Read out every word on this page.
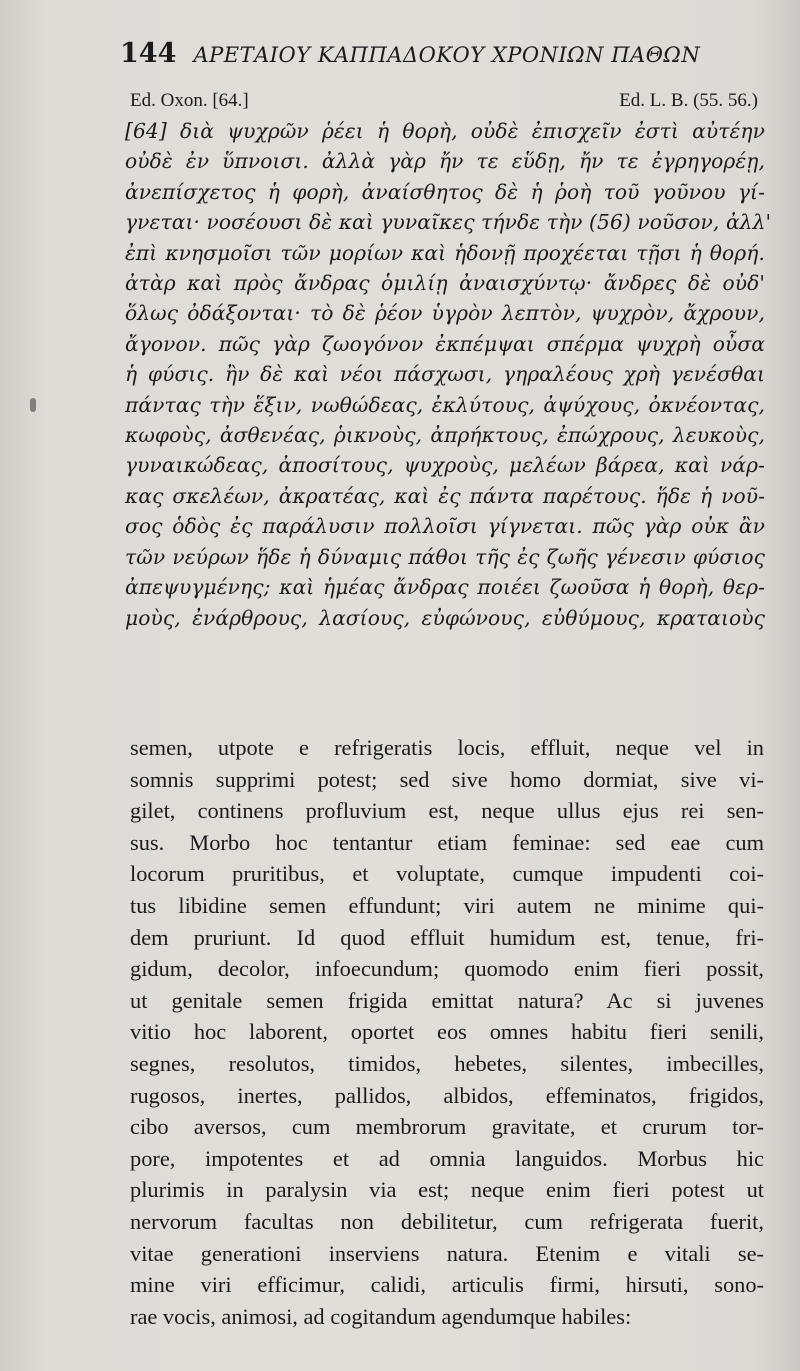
144 ΑΡΕΤΑΙΟΥ ΚΑΠΠΑΔΟΚΟΥ ΧΡΟΝΙΩΝ ΠΑΘΩΝ
Ed. Oxon. [64.]	Ed. L. B. (55. 56.)
[64] διὰ ψυχρῶν ῥέει ἡ θορὴ, οὐδὲ ἐπισχεῖν ἐστὶ αὐτέην
οὐδὲ ἐν ὕπνοισι. ἀλλὰ γὰρ ἤν τε εὕδῃ, ἤν τε ἐγρηγορέῃ,
ἀνεπίσχετος ἡ φορὴ, ἀναίσθητος δὲ ἡ ῥοὴ τοῦ γοῦνου γί-
γνεται· νοσέουσι δὲ καὶ γυναῖκες τήνδε τὴν (56) νοῦσον, ἀλλ'
ἐπὶ κνησμοῖσι τῶν μορίων καὶ ἡδονῇ προχέεται τῇσι ἡ θορή.
ἀτὰρ καὶ πρὸς ἄνδρας ὁμιλίῃ ἀναισχύντῳ· ἄνδρες δὲ οὐδ'
ὅλως ὀδάξονται· τὸ δὲ ῥέον ὑγρὸν λεπτὸν, ψυχρὸν, ἄχρουν,
ἄγονον. πῶς γὰρ ζωογόνον ἐκπέμψαι σπέρμα ψυχρὴ οὖσα
ἡ φύσις. ἢν δὲ καὶ νέοι πάσχωσι, γηραλέους χρὴ γενέσθαι
πάντας τὴν ἕξιν, νωθώδεας, ἐκλύτους, ἀψύχους, ὀκνέοντας,
κωφοὺς, ἀσθενέας, ῥικνοὺς, ἀπρήκτους, ἐπώχρους, λευκοὺς,
γυναικώδεας, ἀποσίτους, ψυχροὺς, μελέων βάρεα, καὶ νάρ-
κας σκελέων, ἀκρατέας, καὶ ἐς πάντα παρέτους. ἥδε ἡ νοῦ-
σος ὁδὸς ἐς παράλυσιν πολλοῖσι γίγνεται. πῶς γὰρ οὐκ ἂν
τῶν νεύρων ἥδε ἡ δύναμις πάθοι τῆς ἐς ζωῆς γένεσιν φύσιος
ἀπεψυγμένης; καὶ ἡμέας ἄνδρας ποιέει ζωοῦσα ἡ θορὴ, θερ-
μοὺς, ἐνάρθρους, λασίους, εὐφώνους, εὐθύμους, κραταιοὺς
semen, utpote e refrigeratis locis, effluit, neque vel in
somnis supprimi potest; sed sive homo dormiat, sive vi-
gilet, continens profluvium est, neque ullus ejus rei sen-
sus. Morbo hoc tentantur etiam feminae: sed eae cum
locorum pruritibus, et voluptate, cumque impudenti coi-
tus libidine semen effundunt; viri autem ne minime qui-
dem pruriunt. Id quod effluit humidum est, tenue, fri-
gidum, decolor, infoecundum; quomodo enim fieri possit,
ut genitale semen frigida emittat natura? Ac si juvenes
vitio hoc laborent, oportet eos omnes habitu fieri senili,
segnes, resolutos, timidos, hebetes, silentes, imbecilles,
rugosos, inertes, pallidos, albidos, effeminatos, frigidos,
cibo aversos, cum membrorum gravitate, et crurum tor-
pore, impotentes et ad omnia languidos. Morbus hic
plurimis in paralysin via est; neque enim fieri potest ut
nervorum facultas non debilitetur, cum refrigerata fuerit,
vitae generationi inserviens natura. Etenim e vitali se-
mine viri efficimur, calidi, articulis firmi, hirsuti, sono-
rae vocis, animosi, ad cogitandum agendumque habiles:
